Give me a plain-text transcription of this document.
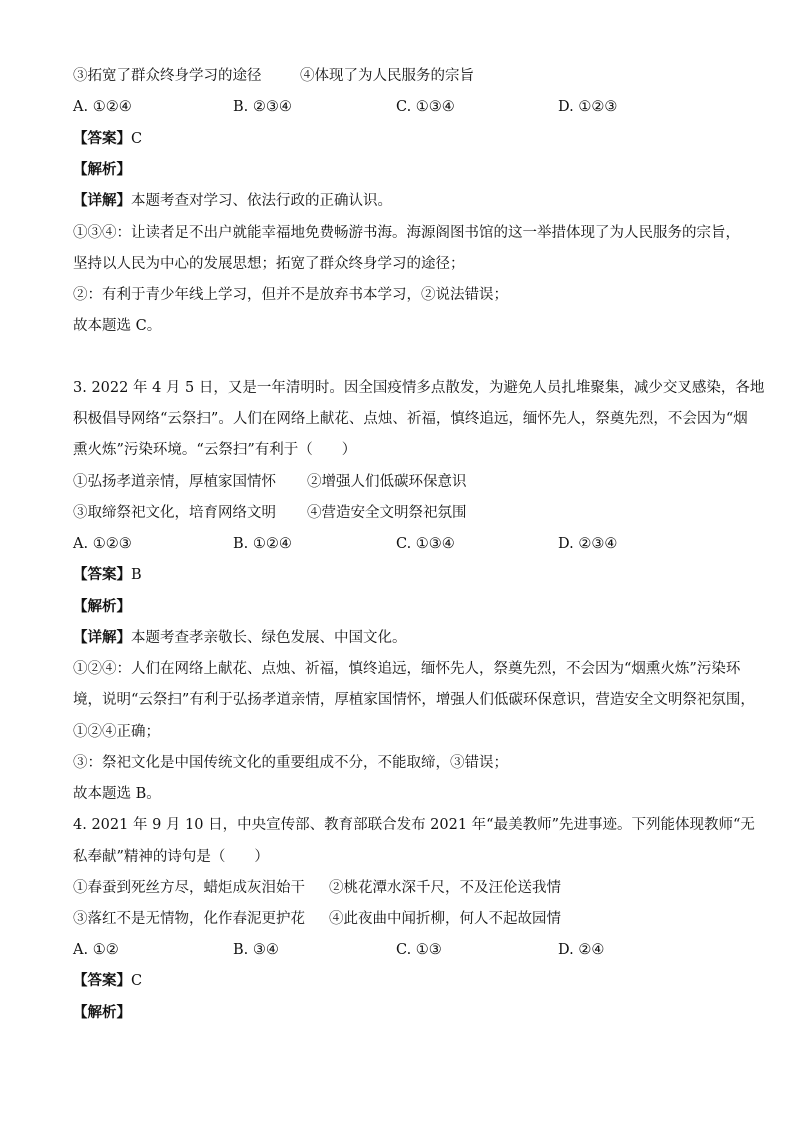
③拓宽了群众终身学习的途径	④体现了为人民服务的宗旨
A. ①②④	B. ②③④	C. ①③④	D. ①②③
【答案】C
【解析】
【详解】本题考查对学习、依法行政的正确认识。
①③④：让读者足不出户就能幸福地免费畅游书海。海源阁图书馆的这一举措体现了为人民服务的宗旨，
坚持以人民为中心的发展思想；拓宽了群众终身学习的途径；
②：有利于青少年线上学习，但并不是放弃书本学习，②说法错误；
故本题选 C。
3. 2022 年 4 月 5 日，又是一年清明时。因全国疫情多点散发，为避免人员扎堆聚集，减少交叉感染，各地
积极倡导网络“云祭扫”。人们在网络上献花、点烛、祈福，慎终追远，缅怀先人，祭奠先烈，不会因为“烟
熏火炼”污染环境。“云祭扫”有利于（　　）
①弘扬孝道亲情，厚植家国情怀 ②增强人们低碳环保意识
③取缔祭祀文化，培育网络文明 ④营造安全文明祭祀氛围
A. ①②③	B. ①②④	C. ①③④	D. ②③④
【答案】B
【解析】
【详解】本题考查孝亲敬长、绿色发展、中国文化。
①②④：人们在网络上献花、点烛、祈福，慎终追远，缅怀先人，祭奠先烈，不会因为“烟熏火炼”污染环
境，说明“云祭扫”有利于弘扬孝道亲情，厚植家国情怀，增强人们低碳环保意识，营造安全文明祭祀氛围，
①②④正确；
③：祭祀文化是中国传统文化的重要组成不分，不能取缔，③错误；
故本题选 B。
4. 2021 年 9 月 10 日，中央宣传部、教育部联合发布 2021 年“最美教师”先进事迹。下列能体现教师“无
私奉献”精神的诗句是（　　）
①春蚕到死丝方尽，蜡炬成灰泪始干 ②桃花潭水深千尺，不及汪伦送我情
③落红不是无情物，化作春泥更护花 ④此夜曲中闻折柳，何人不起故园情
A. ①②	B. ③④	C. ①③	D. ②④
【答案】C
【解析】
